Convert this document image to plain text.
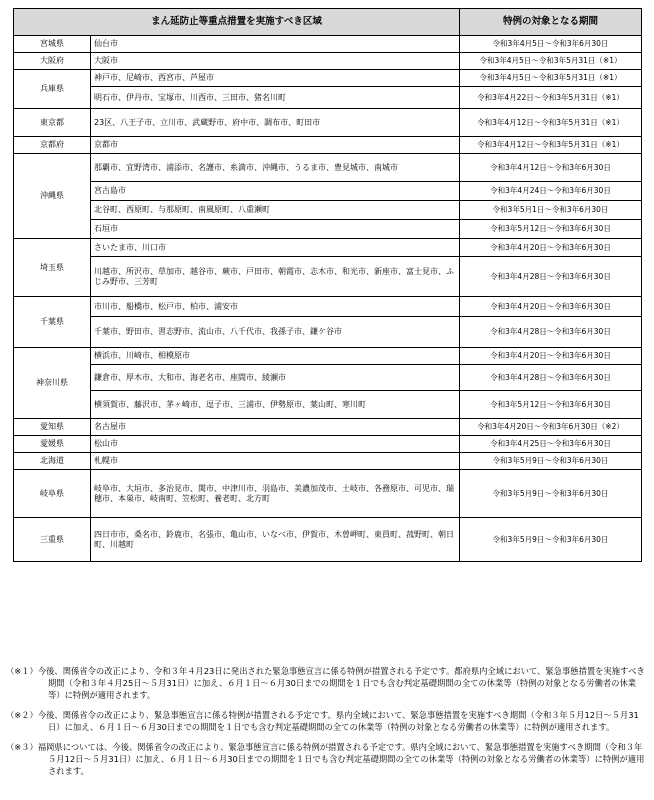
まん延防止等重点措置を実施すべき区域		特例の対象となる期間
宮城県	仙台市	令和3年4月5日～令和3年6月30日
大阪府	大阪市	令和3年4月5日～令和3年5月31日（※1）
兵庫県	神戸市、尼崎市、西宮市、芦屋市	令和3年4月5日～令和3年5月31日（※1）
	明石市、伊丹市、宝塚市、川西市、三田市、猪名川町	令和3年4月22日～令和3年5月31日（※1）
東京都	23区、八王子市、立川市、武蔵野市、府中市、調布市、町田市	令和3年4月12日～令和3年5月31日（※1）
京都府	京都市	令和3年4月12日～令和3年5月31日（※1）
沖縄県	那覇市、宜野湾市、浦添市、名護市、糸満市、沖縄市、うるま市、豊見城市、南城市	令和3年4月12日～令和3年6月30日
	宮古島市	令和3年4月24日～令和3年6月30日
	北谷町、西原町、与那原町、南風原町、八重瀬町	令和3年5月1日～令和3年6月30日
	石垣市	令和3年5月12日～令和3年6月30日
埼玉県	さいたま市、川口市	令和3年4月20日～令和3年6月30日
	川越市、所沢市、草加市、越谷市、蕨市、戸田市、朝霞市、志木市、和光市、新座市、富士見市、ふじみ野市、三芳町	令和3年4月28日～令和3年6月30日
千葉県	市川市、船橋市、松戸市、柏市、浦安市	令和3年4月20日～令和3年6月30日
	千葉市、野田市、習志野市、流山市、八千代市、我孫子市、鎌ケ谷市	令和3年4月28日～令和3年6月30日
神奈川県	横浜市、川崎市、相模原市	令和3年4月20日～令和3年6月30日
	鎌倉市、厚木市、大和市、海老名市、座間市、綾瀬市	令和3年4月28日～令和3年6月30日
	横須賀市、藤沢市、茅ヶ崎市、逗子市、三浦市、伊勢原市、葉山町、寒川町	令和3年5月12日～令和3年6月30日
愛知県	名古屋市	令和3年4月20日～令和3年6月30日（※2）
愛媛県	松山市	令和3年4月25日～令和3年6月30日
北海道	札幌市	令和3年5月9日～令和3年6月30日
岐阜県	岐阜市、大垣市、多治見市、関市、中津川市、羽島市、美濃加茂市、土岐市、各務原市、可児市、瑞穂市、本巣市、岐南町、笠松町、養老町、北方町	令和3年5月9日～令和3年6月30日
三重県	四日市市、桑名市、鈴鹿市、名張市、亀山市、いなべ市、伊賀市、木曽岬町、東員町、菰野町、朝日町、川越町	令和3年5月9日～令和3年6月30日
（※１）今後、関係省令の改正により、令和３年４月23日に発出された緊急事態宣言に係る特例が措置される予定です。都府県内全域において、緊急事態措置を実施すべき期間（令和３年４月25日～５月31日）に加え、６月１日～６月30日までの期間を１日でも含む判定基礎期間の全ての休業等（特例の対象となる労働者の休業等）に特例が適用されます。
（※２）今後、関係省令の改正により、緊急事態宣言に係る特例が措置される予定です。県内全域において、緊急事態措置を実施すべき期間（令和３年５月12日～５月31日）に加え、６月１日～６月30日までの期間を１日でも含む判定基礎期間の全ての休業等（特例の対象となる労働者の休業等）に特例が適用されます。
（※３）福岡県については、今後、関係省令の改正により、緊急事態宣言に係る特例が措置される予定です。県内全域において、緊急事態措置を実施すべき期間（令和３年５月12日～５月31日）に加え、６月１日～６月30日までの期間を１日でも含む判定基礎期間の全ての休業等（特例の対象となる労働者の休業等）に特例が適用されます。
